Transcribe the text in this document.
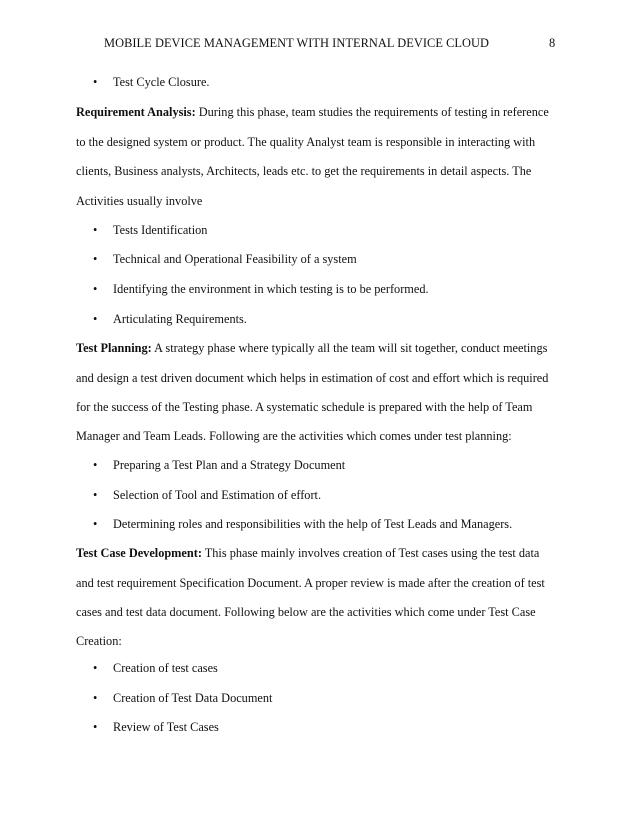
MOBILE DEVICE MANAGEMENT WITH INTERNAL DEVICE CLOUD	8
• Test Cycle Closure.
Requirement Analysis: During this phase, team studies the requirements of testing in reference
to the designed system or product. The quality Analyst team is responsible in interacting with
clients, Business analysts, Architects, leads etc. to get the requirements in detail aspects. The
Activities usually involve
• Tests Identification
• Technical and Operational Feasibility of a system
• Identifying the environment in which testing is to be performed.
• Articulating Requirements.
Test Planning: A strategy phase where typically all the team will sit together, conduct meetings
and design a test driven document which helps in estimation of cost and effort which is required
for the success of the Testing phase. A systematic schedule is prepared with the help of Team
Manager and Team Leads. Following are the activities which comes under test planning:
• Preparing a Test Plan and a Strategy Document
• Selection of Tool and Estimation of effort.
• Determining roles and responsibilities with the help of Test Leads and Managers.
Test Case Development: This phase mainly involves creation of Test cases using the test data
and test requirement Specification Document. A proper review is made after the creation of test
cases and test data document. Following below are the activities which come under Test Case
Creation:
• Creation of test cases
• Creation of Test Data Document
• Review of Test Cases
